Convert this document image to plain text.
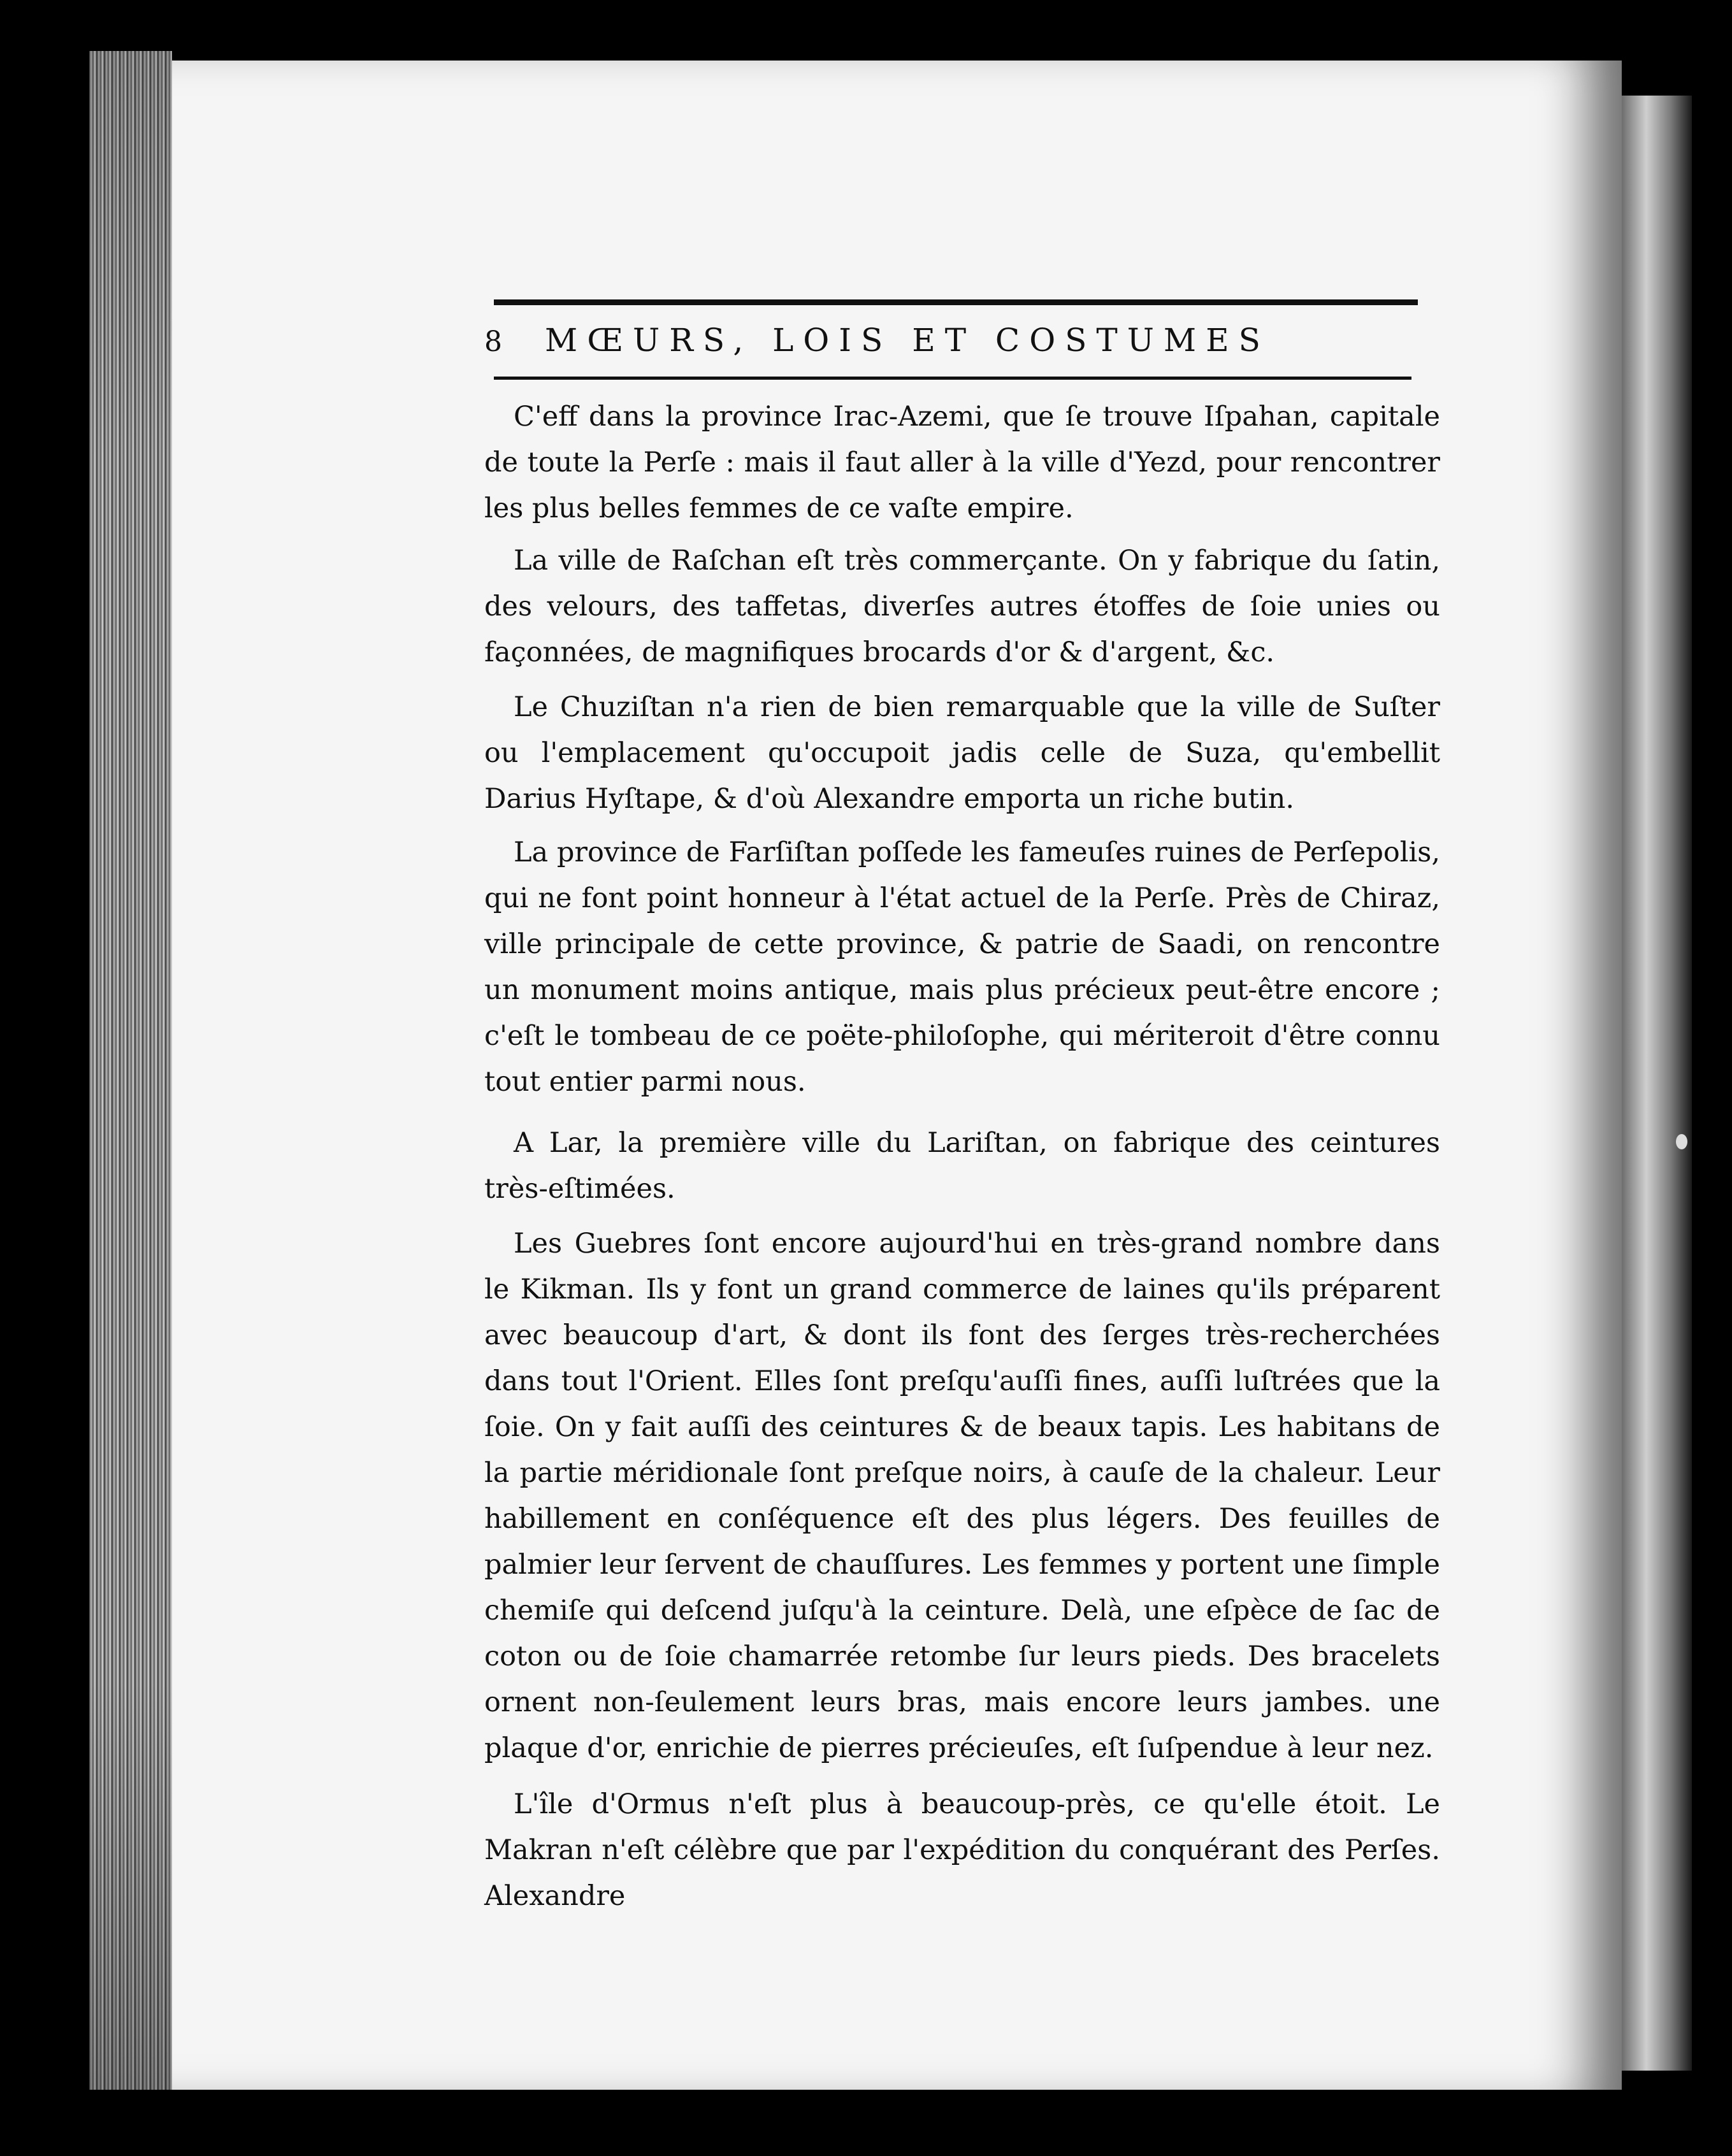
8	MŒURS, LOIS ET COSTUMES

C'eff dans la province Irac-Azemi, que ſe trouve Iſpahan, capitale de toute la Perſe : mais il faut aller à la ville d'Yezd, pour rencontrer les plus belles femmes de ce vaſte empire.

La ville de Raſchan eſt très commerçante. On y fabrique du ſatin, des velours, des taffetas, diverſes autres étoffes de ſoie unies ou façonnées, de magnifiques brocards d'or & d'argent, &c.

Le Chuziſtan n'a rien de bien remarquable que la ville de Suſter ou l'emplacement qu'occupoit jadis celle de Suza, qu'embellit Darius Hyſtape, & d'où Alexandre emporta un riche butin.

La province de Farſiſtan poſſede les fameuſes ruines de Perſepolis, qui ne font point honneur à l'état actuel de la Perſe. Près de Chiraz, ville principale de cette province, & patrie de Saadi, on rencontre un monument moins antique, mais plus précieux peut-être encore ; c'eſt le tombeau de ce poëte-philoſophe, qui mériteroit d'être connu tout entier parmi nous.

A Lar, la première ville du Lariſtan, on fabrique des ceintures très-eſtimées.

Les Guebres ſont encore aujourd'hui en très-grand nombre dans le Kikman. Ils y font un grand commerce de laines qu'ils préparent avec beaucoup d'art, & dont ils font des ſerges très-recherchées dans tout l'Orient. Elles ſont preſqu'auſſi fines, auſſi luſtrées que la ſoie. On y fait auſſi des ceintures & de beaux tapis. Les habitans de la partie méridionale ſont preſque noirs, à cauſe de la chaleur. Leur habillement en conſéquence eſt des plus légers. Des feuilles de palmier leur ſervent de chauſſures. Les femmes y portent une ſimple chemiſe qui deſcend juſqu'à la ceinture. Delà, une eſpèce de ſac de coton ou de ſoie chamarrée retombe ſur leurs pieds. Des bracelets ornent non-ſeulement leurs bras, mais encore leurs jambes. une plaque d'or, enrichie de pierres précieuſes, eſt ſuſpendue à leur nez.

L'île d'Ormus n'eſt plus à beaucoup-près, ce qu'elle étoit. Le Makran n'eſt célèbre que par l'expédition du conquérant des Perſes. Alexandre
